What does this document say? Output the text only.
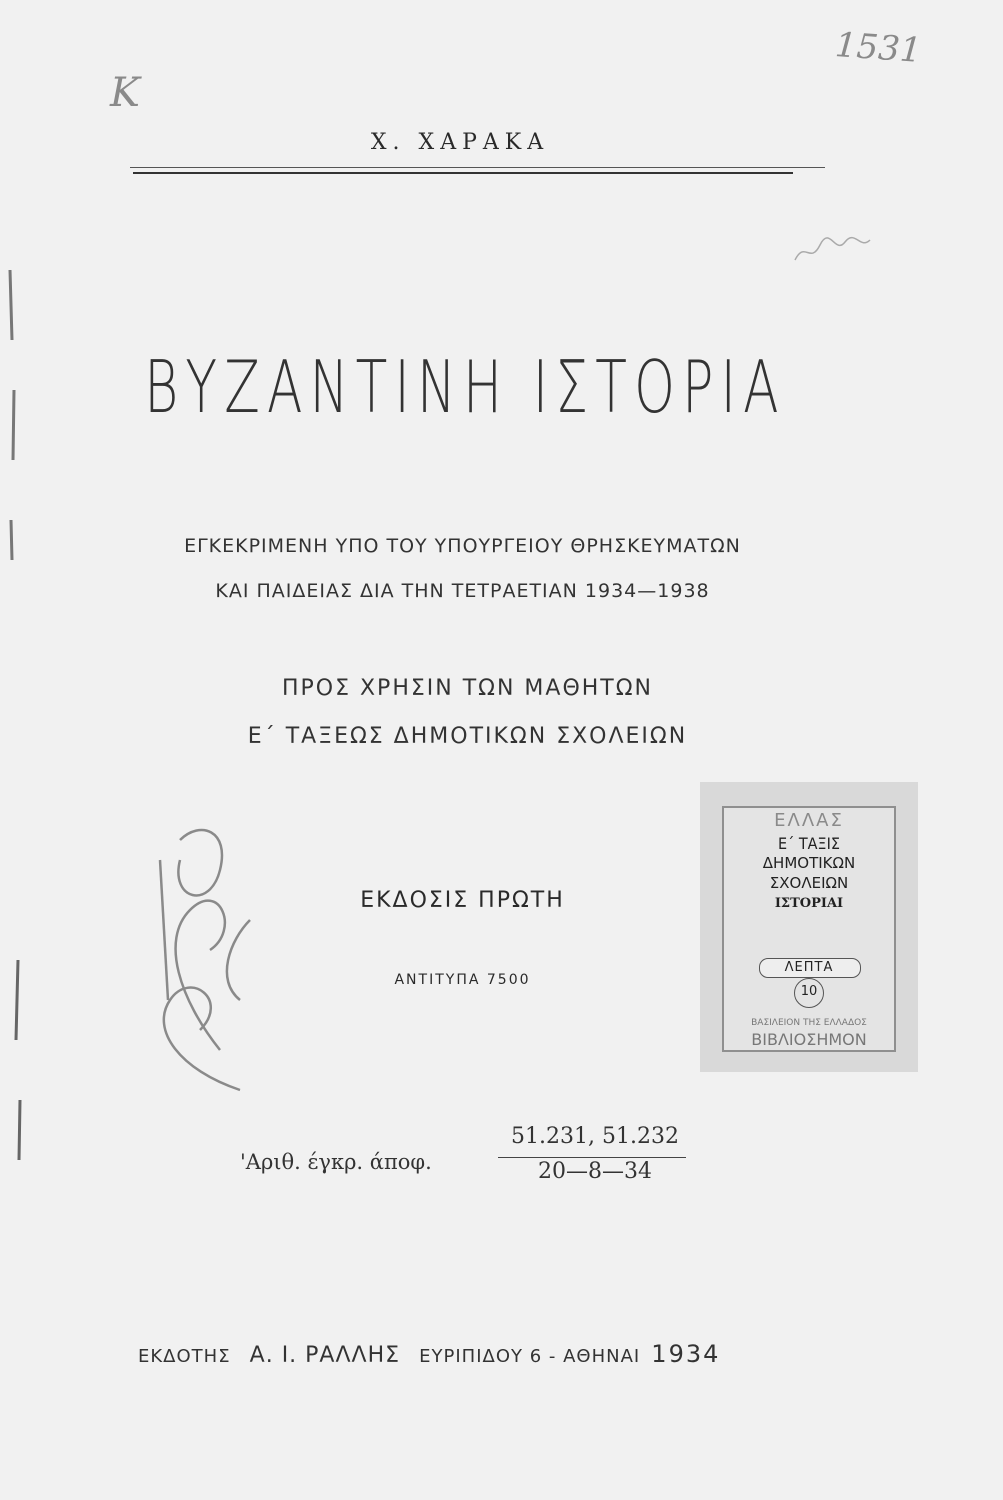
K
1531
Χ. ΧΑΡΑΚΑ
ΒΥΖΑΝΤΙΝΗ ΙΣΤΟΡΙΑ
ΕΓΚΕΚΡΙΜΕΝΗ ΥΠΟ ΤΟΥ ΥΠΟΥΡΓΕΙΟΥ ΘΡΗΣΚΕΥΜΑΤΩΝ
ΚΑΙ ΠΑΙΔΕΙΑΣ ΔΙΑ ΤΗΝ ΤΕΤΡΑΕΤΙΑΝ 1934—1938
ΠΡΟΣ ΧΡΗΣΙΝ ΤΩΝ ΜΑΘΗΤΩΝ
Ε΄ ΤΑΞΕΩΣ ΔΗΜΟΤΙΚΩΝ ΣΧΟΛΕΙΩΝ
ΕΚΔΟΣΙΣ ΠΡΩΤΗ
ΑΝΤΙΤΥΠΑ 7500
ΕΛΛΑΣ
Ε΄ ΤΑΞΙΣ
ΔΗΜΟΤΙΚΩΝ
ΣΧΟΛΕΙΩΝ
ΙΣΤΟΡΙΑΙ
ΛΕΠΤΑ
10
ΒΑΣΙΛΕΙΟΝ ΤΗΣ ΕΛΛΑΔΟΣ
ΒΙΒΛΙΟΣΗΜΟΝ
'Αριθ. έγκρ. άποφ.
51.231, 51.232
20—8—34
ΕΚΔΟΤΗΣ Α. Ι. ΡΑΛΛΗΣ ΕΥΡΙΠΙΔΟΥ 6 - ΑΘΗΝΑΙ 1934
